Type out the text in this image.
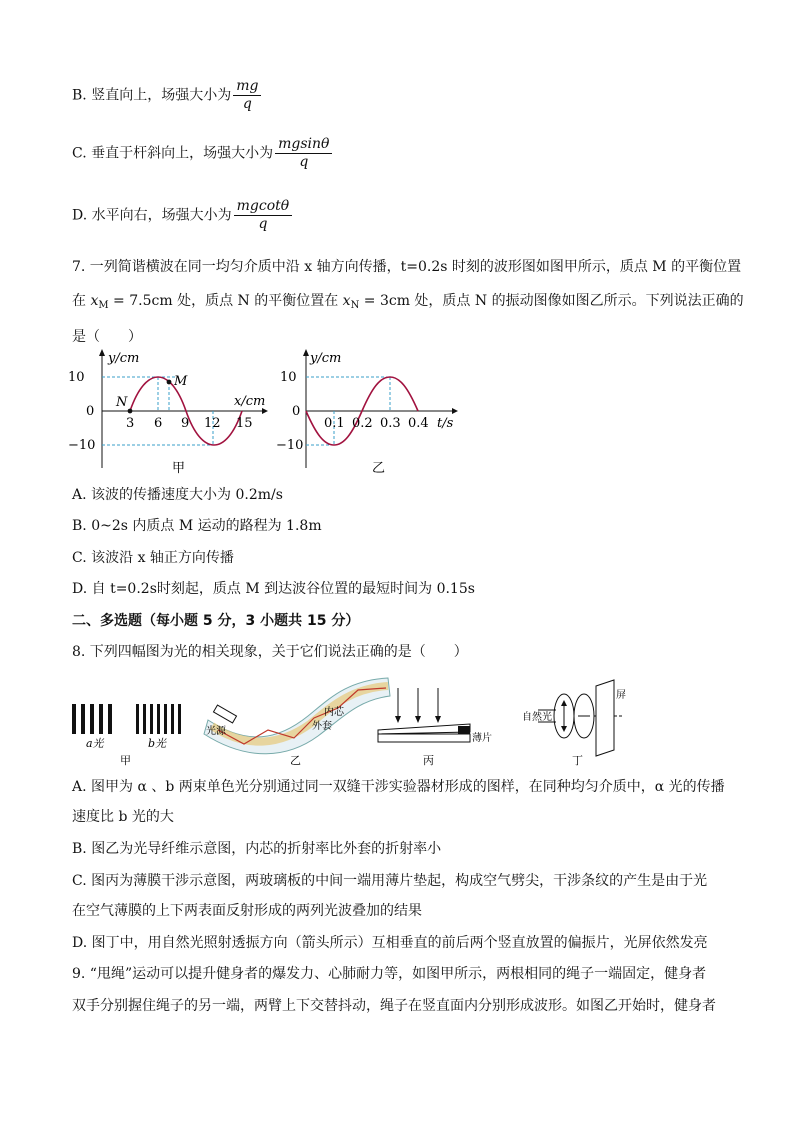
B. 竖直向上，场强大小为 $\frac{mg}{q}$
C. 垂直于杆斜向上，场强大小为 $\frac{mgsin\theta}{q}$
D. 水平向右，场强大小为 $\frac{mgcot\theta}{q}$
7. 一列简谐横波在同一均匀介质中沿 x 轴方向传播，t=0.2s 时刻的波形图如图甲所示，质点 M 的平衡位置
在 $x_M = 7.5cm$ 处，质点 N 的平衡位置在 $x_N = 3cm$ 处，质点 N 的振动图像如图乙所示。下列说法正确的
是（　　）
10
0
−10
y/cm
x/cm
N
M
3 6 9 12 15
甲
10
0
−10
y/cm
t/s
0.1 0.2 0.3 0.4
乙
A. 该波的传播速度大小为 0.2m/s
B. 0~2s 内质点 M 运动的路程为 1.8m
C. 该波沿 x 轴正方向传播
D. 自 t=0.2s时刻起，质点 M 到达波谷位置的最短时间为 0.15s
二、多选题（每小题 5 分，3 小题共 15 分）
8. 下列四幅图为光的相关现象，关于它们说法正确的是（　　）
a光	b光
甲
光源
内芯
外套
乙
薄片
丙
自然光
屏
丁
A. 图甲为 α 、b 两束单色光分别通过同一双缝干涉实验器材形成的图样，在同种均匀介质中，α 光的传播
速度比 b 光的大
B. 图乙为光导纤维示意图，内芯的折射率比外套的折射率小
C. 图丙为薄膜干涉示意图，两玻璃板的中间一端用薄片垫起，构成空气劈尖，干涉条纹的产生是由于光
在空气薄膜的上下两表面反射形成的两列光波叠加的结果
D. 图丁中，用自然光照射透振方向（箭头所示）互相垂直的前后两个竖直放置的偏振片，光屏依然发亮
9. “甩绳”运动可以提升健身者的爆发力、心肺耐力等，如图甲所示，两根相同的绳子一端固定，健身者
双手分别握住绳子的另一端，两臂上下交替抖动，绳子在竖直面内分别形成波形。如图乙开始时，健身者
